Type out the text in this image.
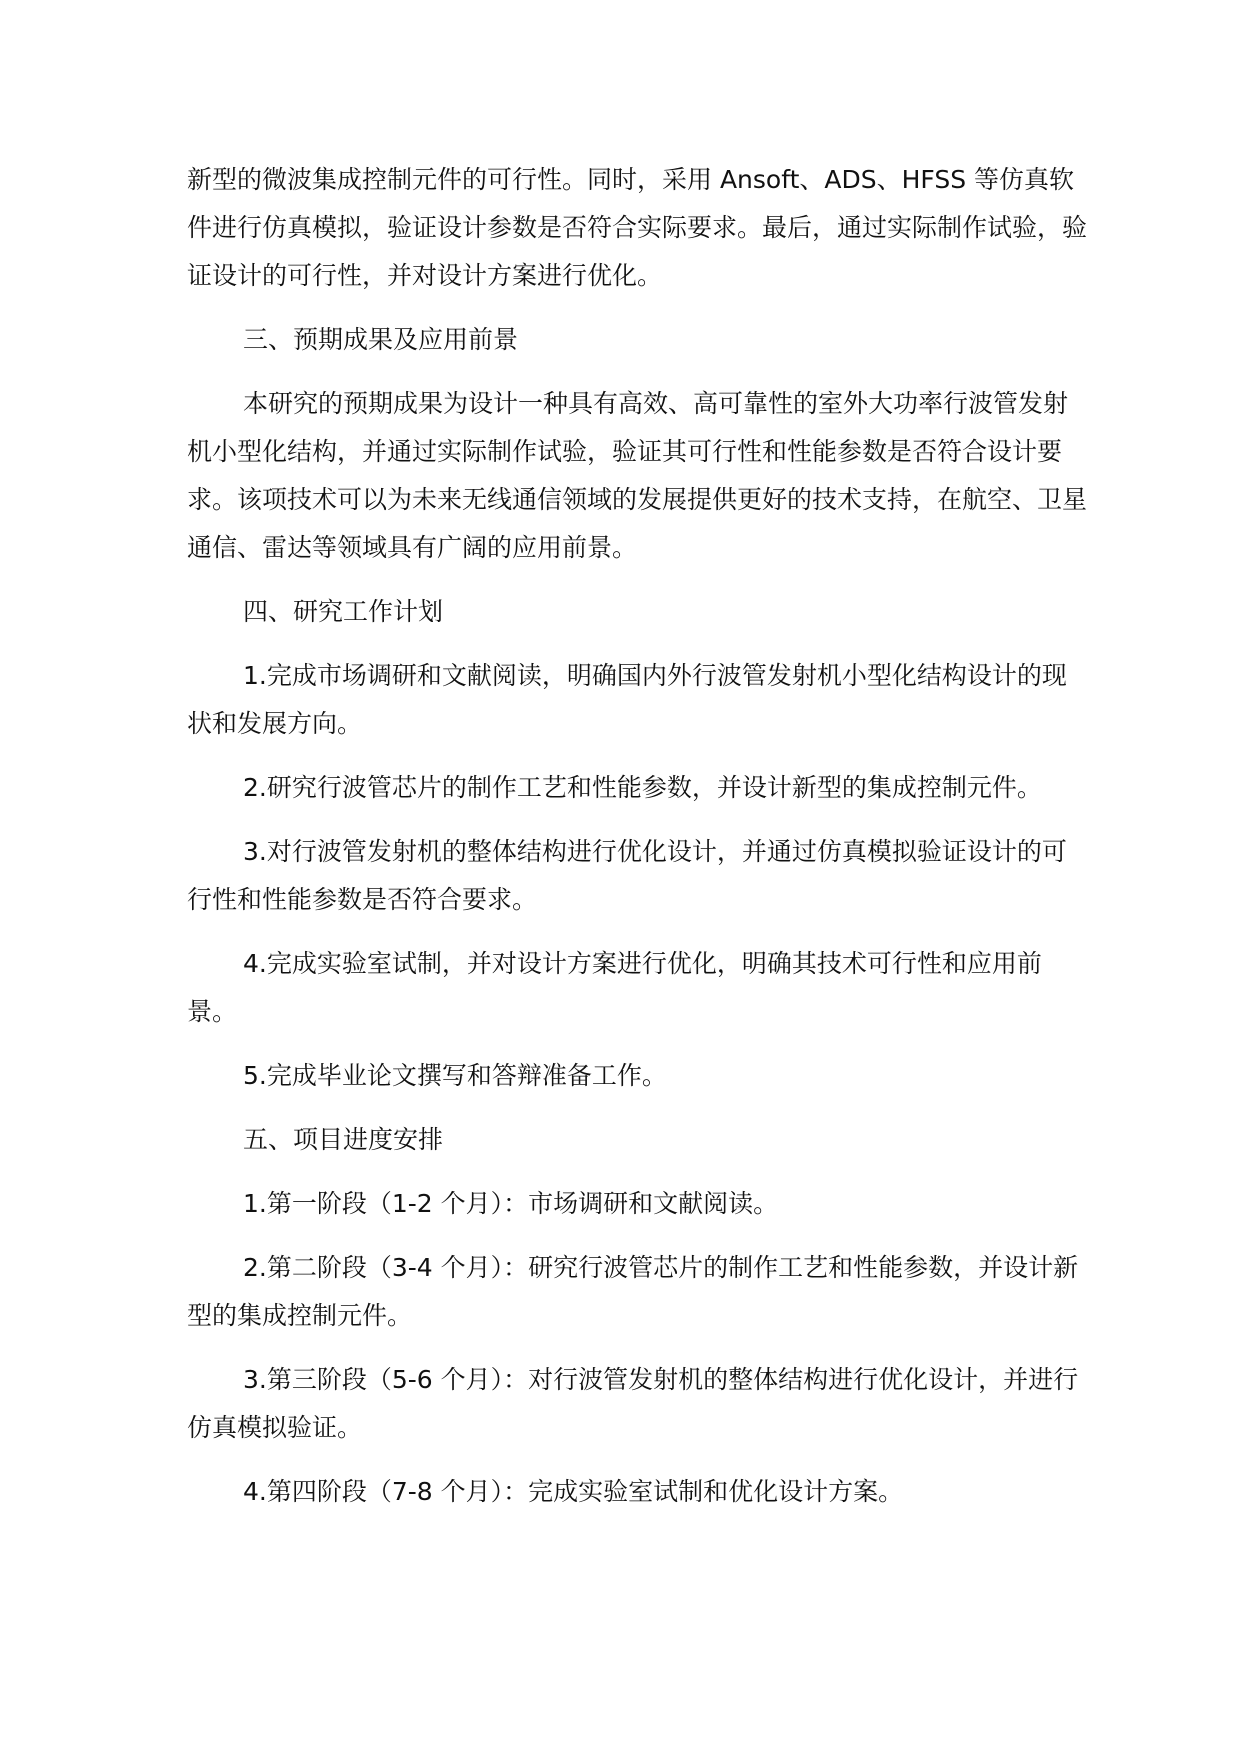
新型的微波集成控制元件的可行性。同时，采用 Ansoft、ADS、HFSS 等仿真软件进行仿真模拟，验证设计参数是否符合实际要求。最后，通过实际制作试验，验证设计的可行性，并对设计方案进行优化。

三、预期成果及应用前景

本研究的预期成果为设计一种具有高效、高可靠性的室外大功率行波管发射机小型化结构，并通过实际制作试验，验证其可行性和性能参数是否符合设计要求。该项技术可以为未来无线通信领域的发展提供更好的技术支持，在航空、卫星通信、雷达等领域具有广阔的应用前景。

四、研究工作计划

1.完成市场调研和文献阅读，明确国内外行波管发射机小型化结构设计的现状和发展方向。

2.研究行波管芯片的制作工艺和性能参数，并设计新型的集成控制元件。

3.对行波管发射机的整体结构进行优化设计，并通过仿真模拟验证设计的可行性和性能参数是否符合要求。

4.完成实验室试制，并对设计方案进行优化，明确其技术可行性和应用前景。

5.完成毕业论文撰写和答辩准备工作。

五、项目进度安排

1.第一阶段（1-2 个月）：市场调研和文献阅读。

2.第二阶段（3-4 个月）：研究行波管芯片的制作工艺和性能参数，并设计新型的集成控制元件。

3.第三阶段（5-6 个月）：对行波管发射机的整体结构进行优化设计，并进行仿真模拟验证。

4.第四阶段（7-8 个月）：完成实验室试制和优化设计方案。
